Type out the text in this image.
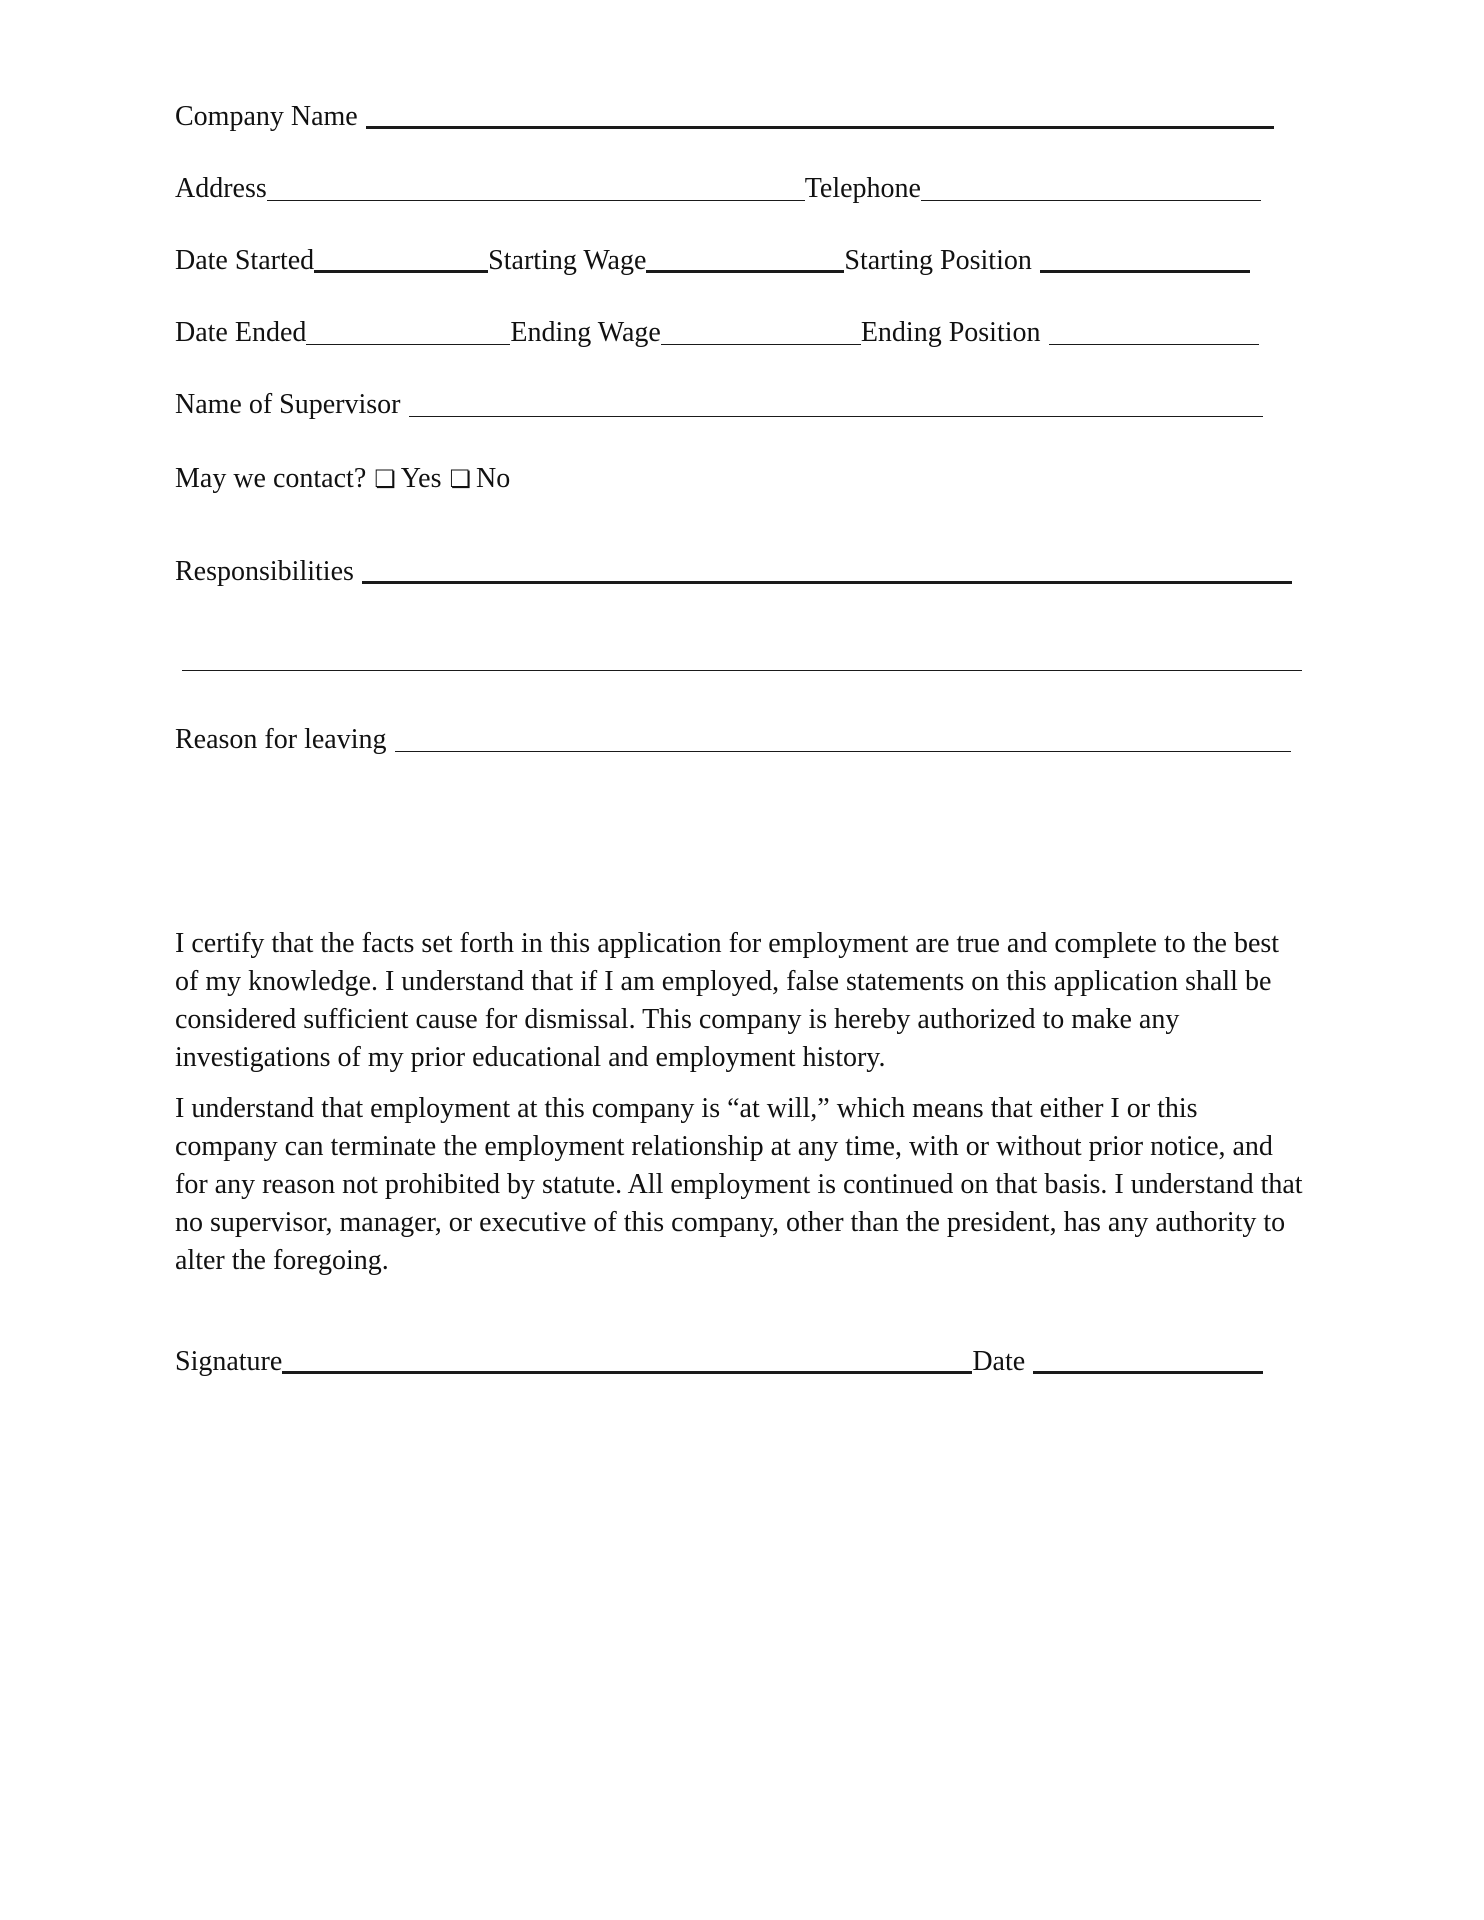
Company Name
Address	Telephone
Date Started	Starting Wage	Starting Position
Date Ended	Ending Wage	Ending Position
Name of Supervisor
May we contact? ❏ Yes ❏ No
Responsibilities
Reason for leaving

I certify that the facts set forth in this application for employment are true and complete to the best of my knowledge. I understand that if I am employed, false statements on this application shall be considered sufficient cause for dismissal. This company is hereby authorized to make any investigations of my prior educational and employment history.

I understand that employment at this company is “at will,” which means that either I or this company can terminate the employment relationship at any time, with or without prior notice, and for any reason not prohibited by statute. All employment is continued on that basis. I understand that no supervisor, manager, or executive of this company, other than the president, has any authority to alter the foregoing.

Signature	Date
